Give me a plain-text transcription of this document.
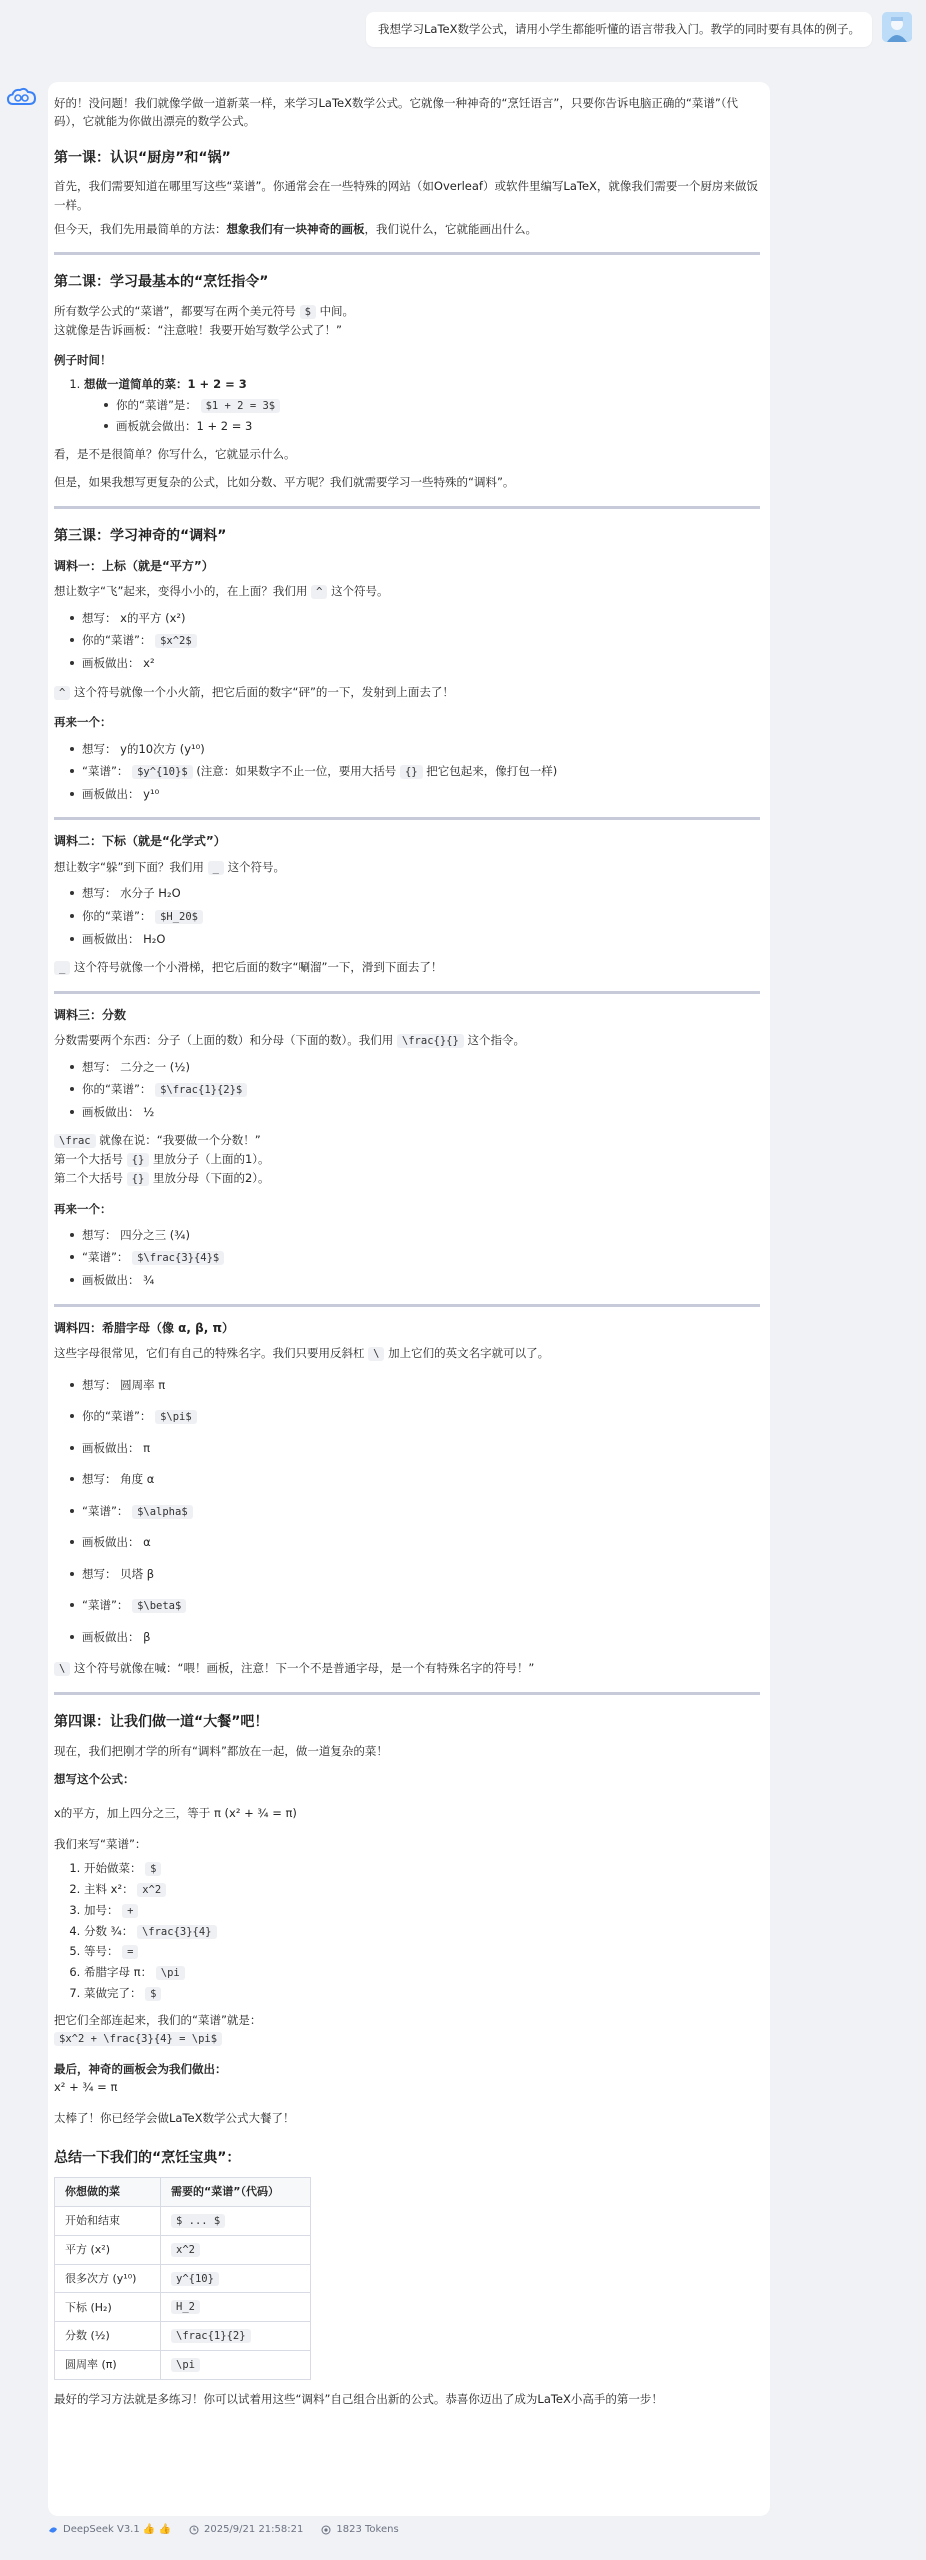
我想学习LaTeX数学公式，请用小学生都能听懂的语言带我入门。教学的同时要有具体的例子。

好的！没问题！我们就像学做一道新菜一样，来学习LaTeX数学公式。它就像一种神奇的“烹饪语言”，只要你告诉电脑正确的“菜谱”（代码），它就能为你做出漂亮的数学公式。

第一课：认识“厨房”和“锅”

首先，我们需要知道在哪里写这些“菜谱”。你通常会在一些特殊的网站（如Overleaf）或软件里编写LaTeX，就像我们需要一个厨房来做饭一样。

但今天，我们先用最简单的方法：想象我们有一块神奇的画板，我们说什么，它就能画出什么。

第二课：学习最基本的“烹饪指令”
所有数学公式的“菜谱”，都要写在两个美元符号 $ 中间。
这就像是告诉画板：“注意啦！我要开始写数学公式了！”

例子时间！

1. 想做一道简单的菜：1 + 2 = 3
你的“菜谱”是： $1 + 2 = 3$
画板就会做出：1 + 2 = 3

看，是不是很简单？你写什么，它就显示什么。

但是，如果我想写更复杂的公式，比如分数、平方呢？我们就需要学习一些特殊的“调料”。

第三课：学习神奇的“调料”
调料一：上标（就是“平方”）

想让数字“飞”起来，变得小小的，在上面？我们用 ^ 这个符号。

想写： x的平方 (x²)
你的“菜谱”： $x^2$
画板做出： x²

^ 这个符号就像一个小火箭，把它后面的数字“砰”的一下，发射到上面去了！

再来一个：

想写： y的10次方 (y¹⁰)
“菜谱”： $y^{10}$ (注意：如果数字不止一位，要用大括号 {} 把它包起来，像打包一样)
画板做出： y¹⁰
调料二：下标（就是“化学式”）

想让数字“躲”到下面？我们用 _ 这个符号。

想写： 水分子 H₂O
你的“菜谱”： $H_20$
画板做出： H₂O

_ 这个符号就像一个小滑梯，把它后面的数字“唰溜”一下，滑到下面去了！

调料三：分数

分数需要两个东西：分子（上面的数）和分母（下面的数）。我们用 \frac{}{} 这个指令。

想写： 二分之一 (½)
你的“菜谱”： $\frac{1}{2}$
画板做出： ½
\frac 就像在说：“我要做一个分数！”
第一个大括号 {} 里放分子（上面的1）。
第二个大括号 {} 里放分母（下面的2）。

再来一个：

想写： 四分之三 (¾)
“菜谱”： $\frac{3}{4}$
画板做出： ¾
调料四：希腊字母（像 α, β, π）

这些字母很常见，它们有自己的特殊名字。我们只要用反斜杠 \ 加上它们的英文名字就可以了。

想写： 圆周率 π
你的“菜谱”： $\pi$
画板做出： π
想写： 角度 α
“菜谱”： $\alpha$
画板做出： α
想写： 贝塔 β
“菜谱”： $\beta$
画板做出： β

\ 这个符号就像在喊：“喂！画板，注意！下一个不是普通字母，是一个有特殊名字的符号！”

第四课：让我们做一道“大餐”吧！

现在，我们把刚才学的所有“调料”都放在一起，做一道复杂的菜！

想写这个公式：

x的平方，加上四分之三，等于 π (x² + ¾ = π)

我们来写“菜谱”：

1. 开始做菜： $
2. 主料 x²： x^2
3. 加号： +
4. 分数 ¾： \frac{3}{4}
5. 等号： =
6. 希腊字母 π： \pi
7. 菜做完了： $

把它们全部连起来，我们的“菜谱”就是：

$x^2 + \frac{3}{4} = \pi$

最后，神奇的画板会为我们做出：

x² + ¾ = π

太棒了！你已经学会做LaTeX数学公式大餐了！

总结一下我们的“烹饪宝典”：
你想做的菜	需要的“菜谱”（代码）
开始和结束	$ ... $
平方 (x²)	x^2
很多次方 (y¹⁰)	y^{10}
下标 (H₂)	H_2
分数 (½)	\frac{1}{2}
圆周率 (π)	\pi

最好的学习方法就是多练习！你可以试着用这些“调料”自己组合出新的公式。恭喜你迈出了成为LaTeX小高手的第一步！

DeepSeek V3.1 👍 👍	2025/9/21 21:58:21	1823 Tokens
